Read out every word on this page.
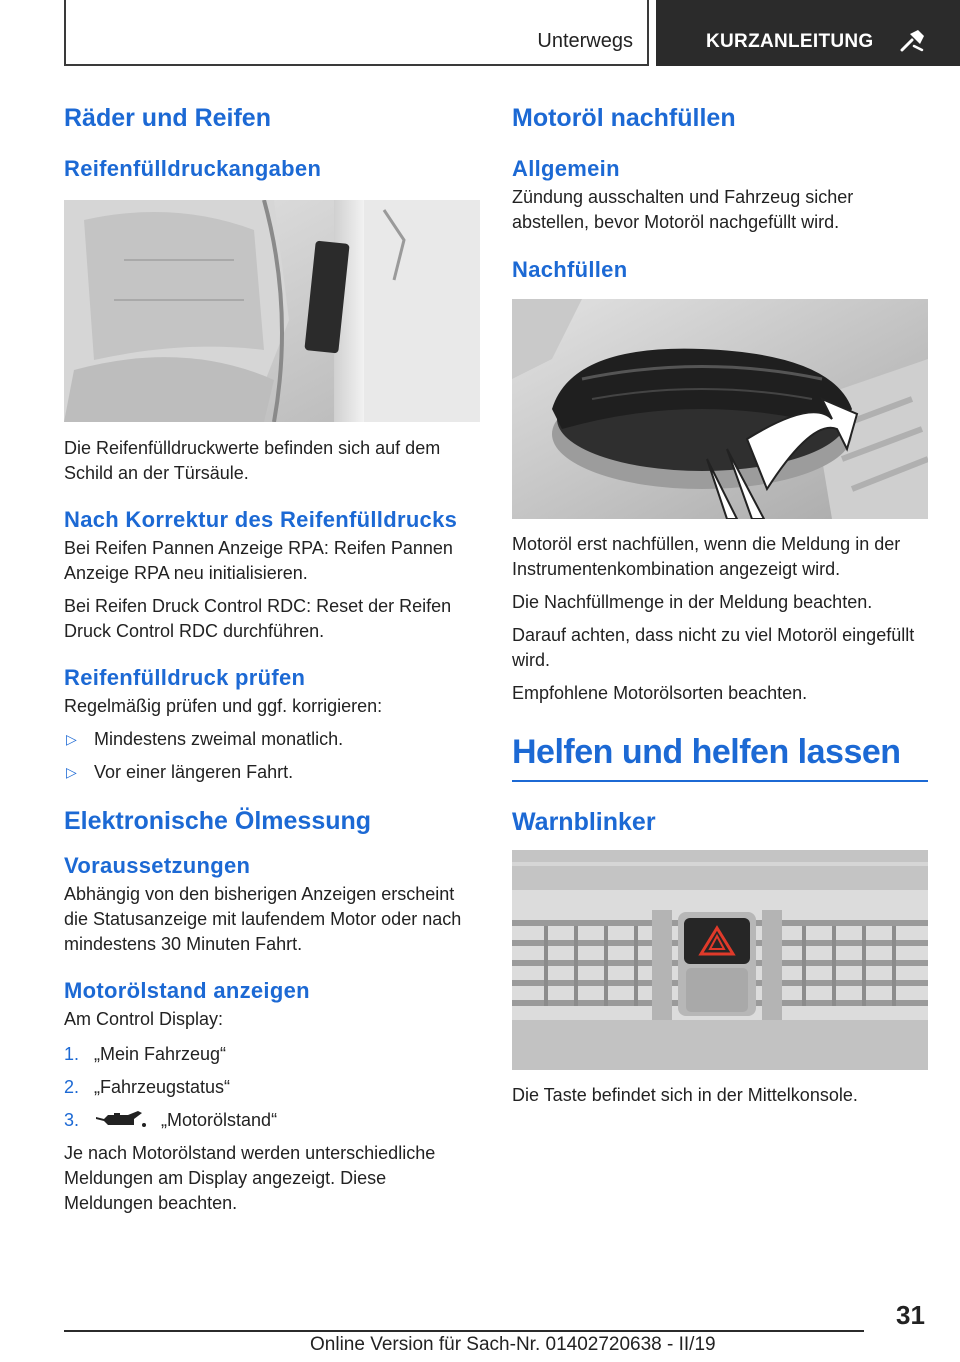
Unterwegs	KURZANLEITUNG
Räder und Reifen
Reifenfülldruckangaben
Die Reifenfülldruckwerte befinden sich auf dem Schild an der Türsäule.
Nach Korrektur des Reifenfülldrucks
Bei Reifen Pannen Anzeige RPA: Reifen Pannen Anzeige RPA neu initialisieren.
Bei Reifen Druck Control RDC: Reset der Reifen Druck Control RDC durchführen.
Reifenfülldruck prüfen
Regelmäßig prüfen und ggf. korrigieren:
▷ Mindestens zweimal monatlich.
▷ Vor einer längeren Fahrt.
Elektronische Ölmessung
Voraussetzungen
Abhängig von den bisherigen Anzeigen erscheint die Statusanzeige mit laufendem Motor oder nach mindestens 30 Minuten Fahrt.
Motorölstand anzeigen
Am Control Display:
1. „Mein Fahrzeug“
2. „Fahrzeugstatus“
3.	„Motorölstand“
Je nach Motorölstand werden unterschiedliche Meldungen am Display angezeigt. Diese Meldungen beachten.
Motoröl nachfüllen
Allgemein
Zündung ausschalten und Fahrzeug sicher abstellen, bevor Motoröl nachgefüllt wird.
Nachfüllen
Motoröl erst nachfüllen, wenn die Meldung in der Instrumentenkombination angezeigt wird.
Die Nachfüllmenge in der Meldung beachten.
Darauf achten, dass nicht zu viel Motoröl eingefüllt wird.
Empfohlene Motorölsorten beachten.
Helfen und helfen lassen
Warnblinker
Die Taste befindet sich in der Mittelkonsole.
31
Online Version für Sach-Nr. 01402720638 - II/19
